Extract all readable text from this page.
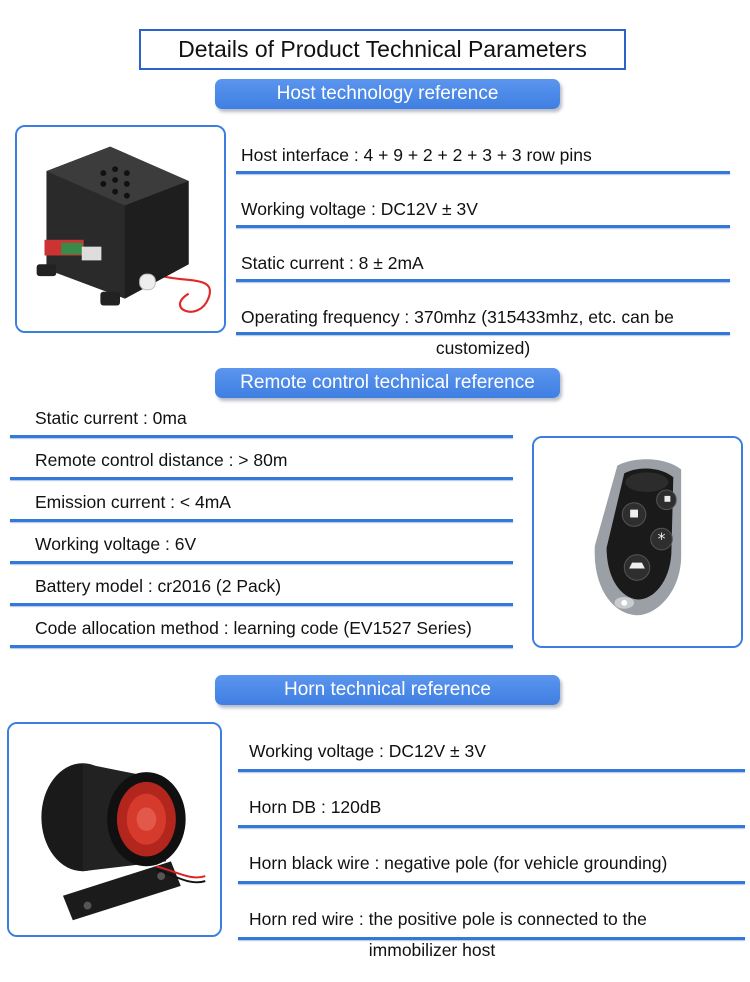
Details of Product Technical Parameters
Host technology reference
Host interface : 4 + 9 + 2 + 2 + 3 + 3 row pins
Working voltage : DC12V ± 3V
Static current : 8 ± 2mA
Operating frequency : 370mhz (315433mhz, etc. can be
customized)
Remote control technical reference
Static current : 0ma
Remote control distance : > 80m
Emission current : < 4mA
Working voltage : 6V
Battery model : cr2016 (2 Pack)
Code allocation method : learning code (EV1527 Series)
*
Horn technical reference
Working voltage : DC12V ± 3V
Horn DB : 120dB
Horn black wire : negative pole (for vehicle grounding)
Horn red wire : the positive pole is connected to the
immobilizer host
